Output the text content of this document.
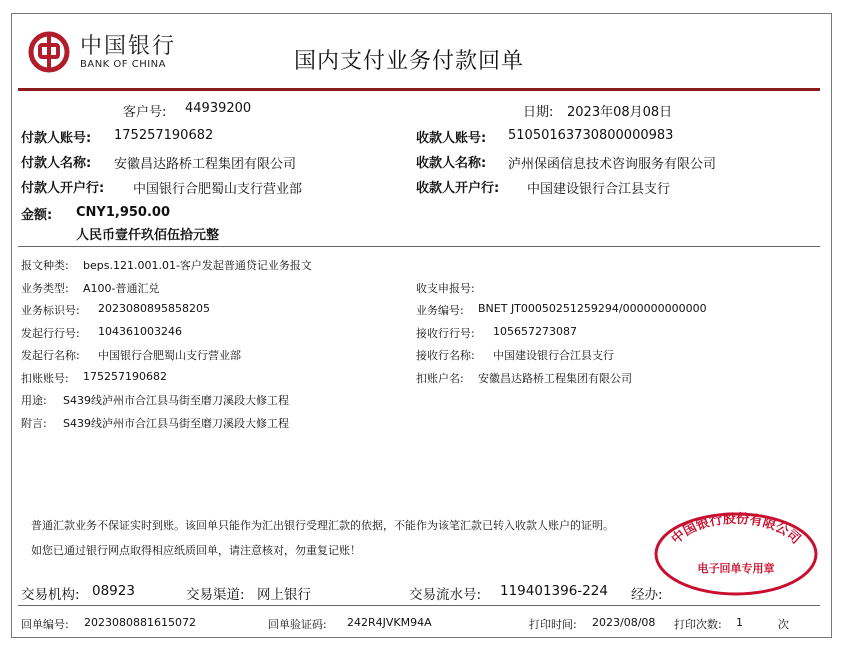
中国银行
BANK OF CHINA	国内支付业务付款回单
客户号: 44939200	日期: 2023年08月08日
付款人账号: 175257190682
付款人名称: 安徽昌达路桥工程集团有限公司
付款人开户行: 中国银行合肥蜀山支行营业部
收款人账号: 510501637308000009​83
收款人名称: 泸州保函信息技术咨询服务有限公司
收款人开户行: 中国建设银行合江县支行
金额: CNY1,950.00
人民币壹仟玖佰伍拾元整
报文种类: beps.121.001.01-客户发起普通贷记业务报文
业务类型: A100-普通汇兑
业务标识号: 2023080895858205
发起行行号: 104361003246
发起行名称: 中国银行合肥蜀山支行营业部
扣账账号: 175257190682
用途: S439线泸州市合江县马街至磨刀溪段大修工程
附言: S439线泸州市合江县马街至磨刀溪段大修工程
收支申报号:
业务编号: BNET JT00050251259294/000000000000
接收行行号: 105657273087
接收行名称: 中国建设银行合江县支行
扣账户名: 安徽昌达路桥工程集团有限公司
普通汇款业务不保证实时到账。该回单只能作为汇出银行受理汇款的依据，不能作为该笔汇款已转入收款人账户的证明。
如您已通过银行网点取得相应纸质回单，请注意核对，勿重复记账！
中国银行股份有限公司
电子回单专用章
交易机构: 08923	交易渠道: 网上银行	交易流水号: 119401396-224 经办:
回单编号: 2023080881615072	回单验证码: 242R4JVKM94A	打印时间: 2023/08/08 打印次数: 1	次
